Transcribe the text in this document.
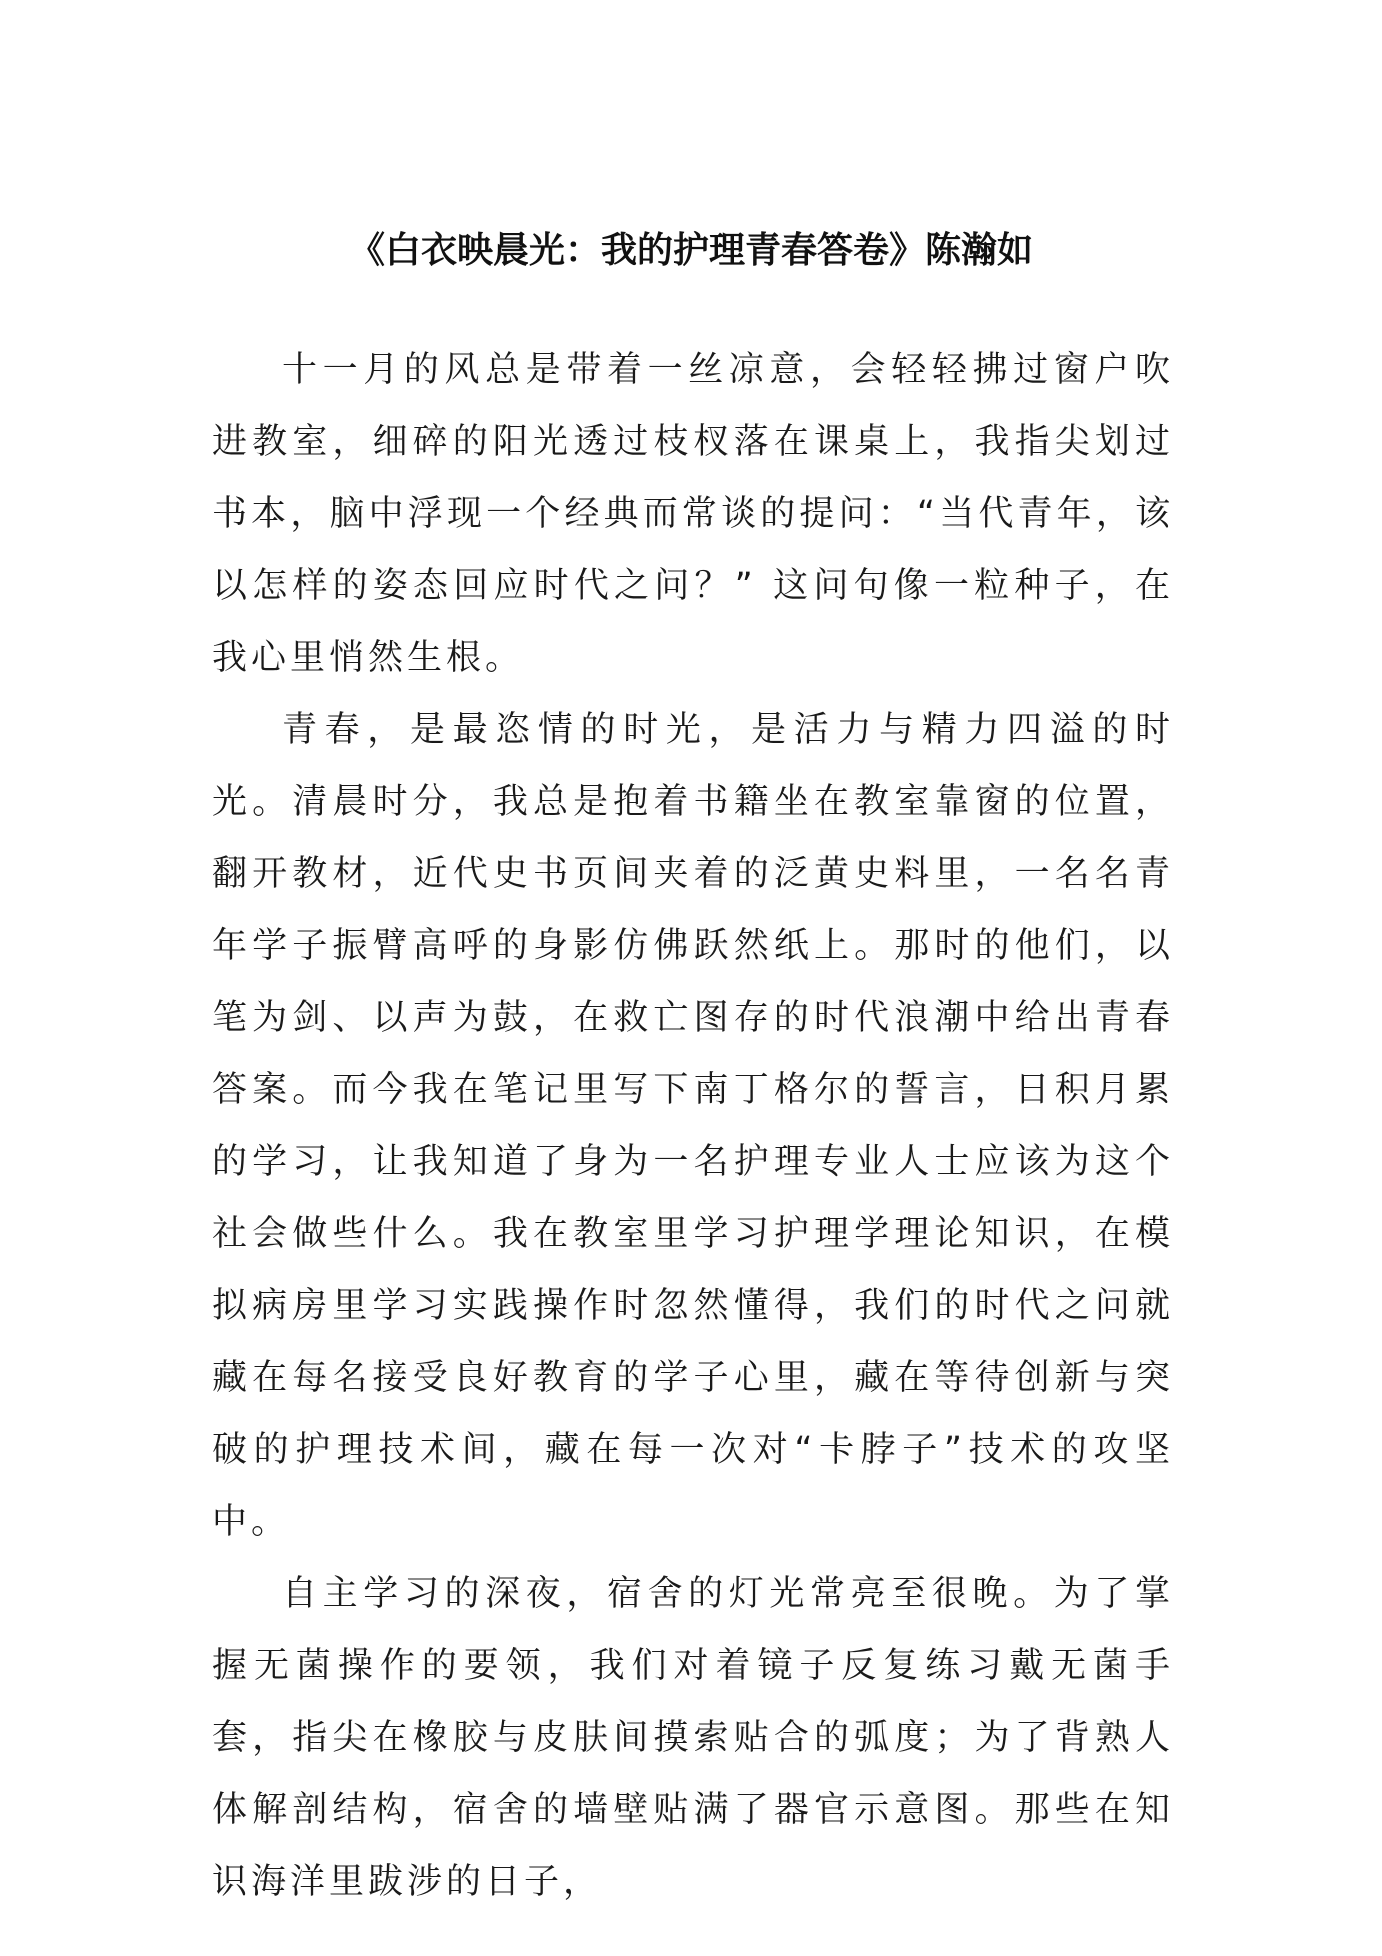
《白衣映晨光：我的护理青春答卷》陈瀚如

十一月的风总是带着一丝凉意，会轻轻拂过窗户吹进教室，细碎的阳光透过枝杈落在课桌上，我指尖划过书本，脑中浮现一个经典而常谈的提问：“当代青年，该以怎样的姿态回应时代之问？” 这问句像一粒种子，在我心里悄然生根。

青春，是最恣情的时光，是活力与精力四溢的时光。清晨时分，我总是抱着书籍坐在教室靠窗的位置，翻开教材，近代史书页间夹着的泛黄史料里，一名名青年学子振臂高呼的身影仿佛跃然纸上。那时的他们，以笔为剑、以声为鼓，在救亡图存的时代浪潮中给出青春答案。而今我在笔记里写下南丁格尔的誓言，日积月累的学习，让我知道了身为一名护理专业人士应该为这个社会做些什么。我在教室里学习护理学理论知识，在模拟病房里学习实践操作时忽然懂得，我们的时代之问就藏在每名接受良好教育的学子心里，藏在等待创新与突破的护理技术间，藏在每一次对“卡脖子”技术的攻坚中。

自主学习的深夜，宿舍的灯光常亮至很晚。为了掌握无菌操作的要领，我们对着镜子反复练习戴无菌手套，指尖在橡胶与皮肤间摸索贴合的弧度；为了背熟人体解剖结构，宿舍的墙壁贴满了器官示意图。那些在知识海洋里跋涉的日子，
